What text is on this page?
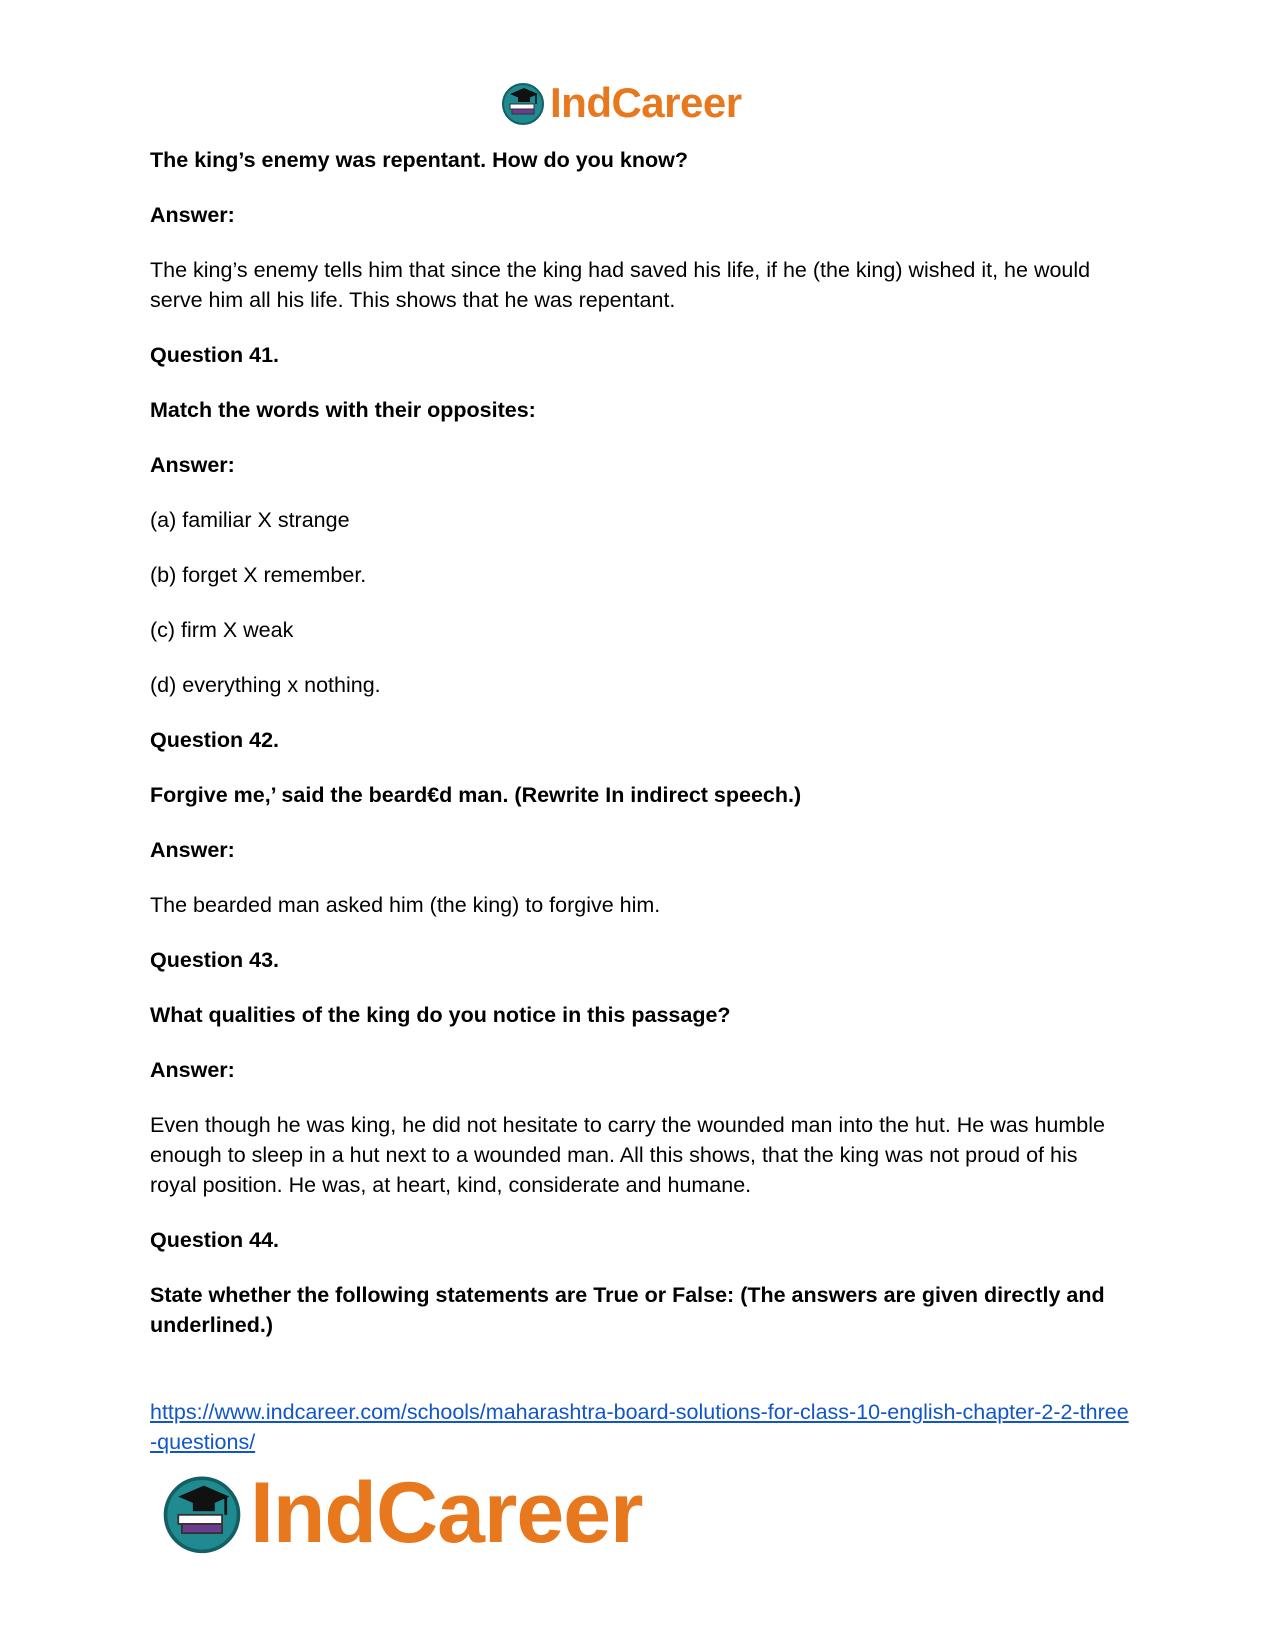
IndCareer

The king’s enemy was repentant. How do you know?

Answer:

The king’s enemy tells him that since the king had saved his life, if he (the king) wished it, he would serve him all his life. This shows that he was repentant.

Question 41.

Match the words with their opposites:

Answer:

(a) familiar X strange

(b) forget X remember.

(c) firm X weak

(d) everything x nothing.

Question 42.

Forgive me,’ said the beard€d man. (Rewrite In indirect speech.)

Answer:

The bearded man asked him (the king) to forgive him.

Question 43.

What qualities of the king do you notice in this passage?

Answer:

Even though he was king, he did not hesitate to carry the wounded man into the hut. He was humble enough to sleep in a hut next to a wounded man. All this shows, that the king was not proud of his royal position. He was, at heart, kind, considerate and humane.

Question 44.

State whether the following statements are True or False: (The answers are given directly and underlined.)

https://www.indcareer.com/schools/maharashtra-board-solutions-for-class-10-english-chapter-2-2-three-questions/
IndCareer
